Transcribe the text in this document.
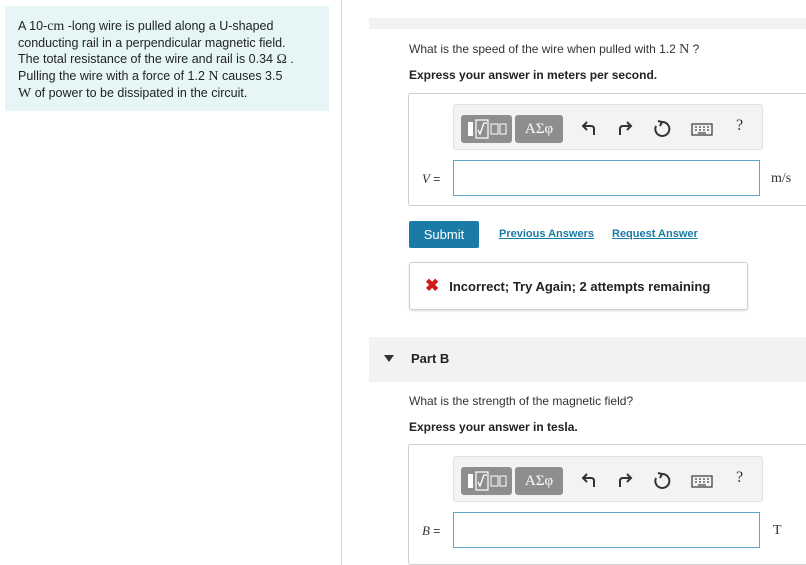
A 10-cm -long wire is pulled along a U-shaped
conducting rail in a perpendicular magnetic field.
The total resistance of the wire and rail is 0.34 Ω .
Pulling the wire with a force of 1.2 N causes 3.5
W of power to be dissipated in the circuit.
What is the speed of the wire when pulled with 1.2 N ?
Express your answer in meters per second.
ΑΣφ	?
V =	m/s
Submit	Previous Answers Request Answer
✖ Incorrect; Try Again; 2 attempts remaining
Part B
What is the strength of the magnetic field?
Express your answer in tesla.
ΑΣφ	?
B =	T
